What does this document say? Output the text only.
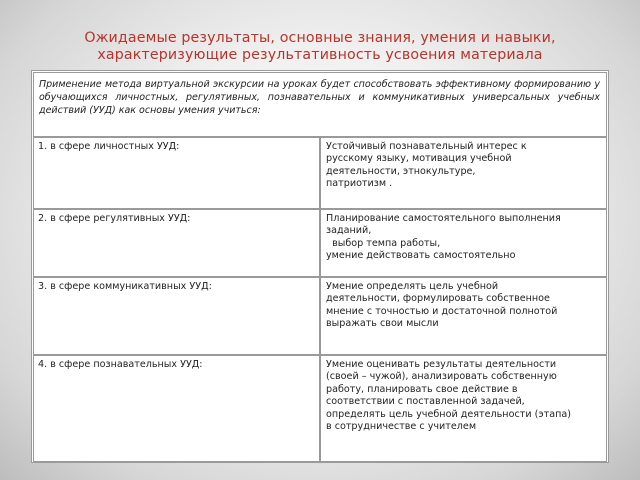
Ожидаемые результаты, основные знания, умения и навыки,
характеризующие результативность усвоения материала
Применение метода виртуальной экскурсии на уроках будет способствовать эффективному формированию у обучающихся личностных, регулятивных, познавательных и коммуникативных универсальных учебных действий (УУД) как основы умения учиться:
1. в сфере личностных УУД:	Устойчивый познавательный интерес к
русскому языку, мотивация учебной
деятельности, этнокультуре,
патриотизм .
2. в сфере регулятивных УУД:	Планирование самостоятельного выполнения
заданий,
выбор темпа работы,
умение действовать самостоятельно
3. в сфере коммуникативных УУД:	Умение определять цель учебной
деятельности, формулировать собственное
мнение с точностью и достаточной полнотой
выражать свои мысли
4. в сфере познавательных УУД:	Умение оценивать результаты деятельности
(своей – чужой), анализировать собственную
работу, планировать свое действие в
соответствии с поставленной задачей,
определять цель учебной деятельности (этапа)
в сотрудничестве с учителем
